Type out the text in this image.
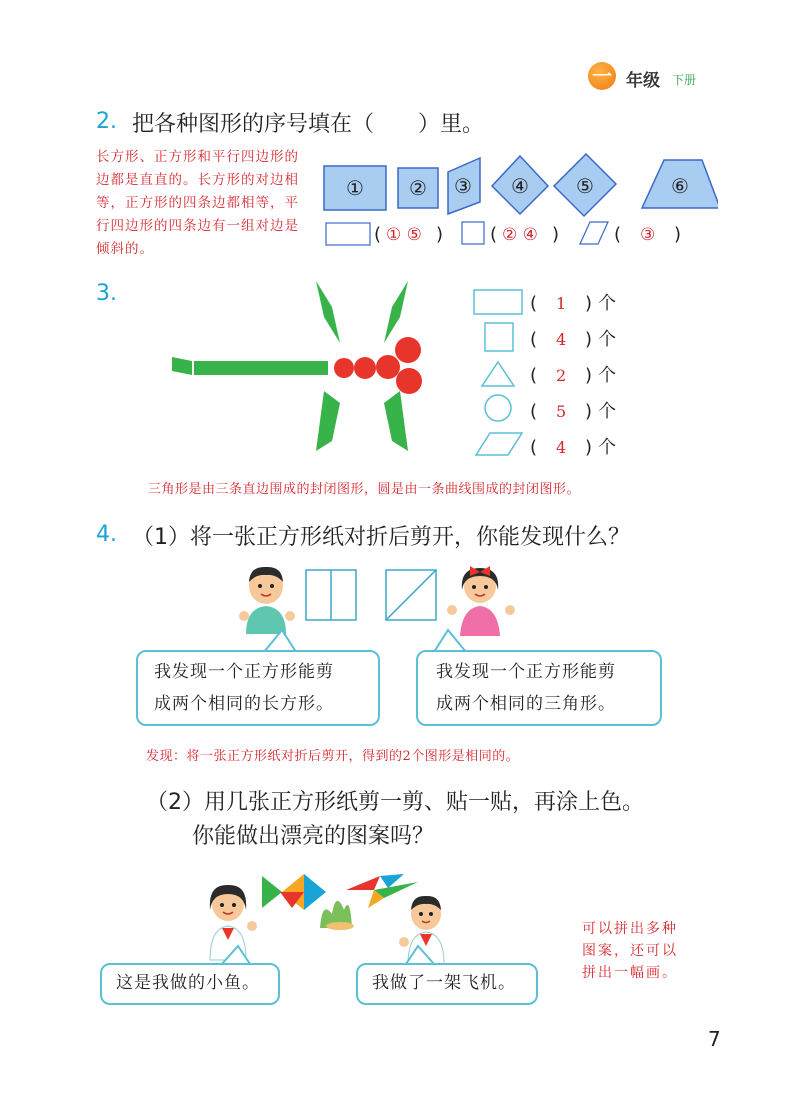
一 年级 下册
2. 把各种图形的序号填在（　　）里。
长方形、正方形和平行四边形的边都是直直的。长方形的对边相等，正方形的四条边都相等，平行四边形的四条边有一组对边是倾斜的。
① ② ③ ④ ⑤	⑥
(	)	(	)	(	)
① ⑤	② ④	③
3.	( 1 ) 个
( 4 ) 个
( 2 ) 个
( 5 ) 个
( 4 ) 个
三角形是由三条直边围成的封闭图形，圆是由一条曲线围成的封闭图形。
4. （1）将一张正方形纸对折后剪开，你能发现什么？
我发现一个正方形能剪
成两个相同的长方形。
我发现一个正方形能剪
成两个相同的三角形。
发现：将一张正方形纸对折后剪开，得到的2个图形是相同的。
（2）用几张正方形纸剪一剪、贴一贴，再涂上色。
你能做出漂亮的图案吗？
这是我做的小鱼。	我做了一架飞机。
可以拼出多种
图案，还可以
拼出一幅画。
7
